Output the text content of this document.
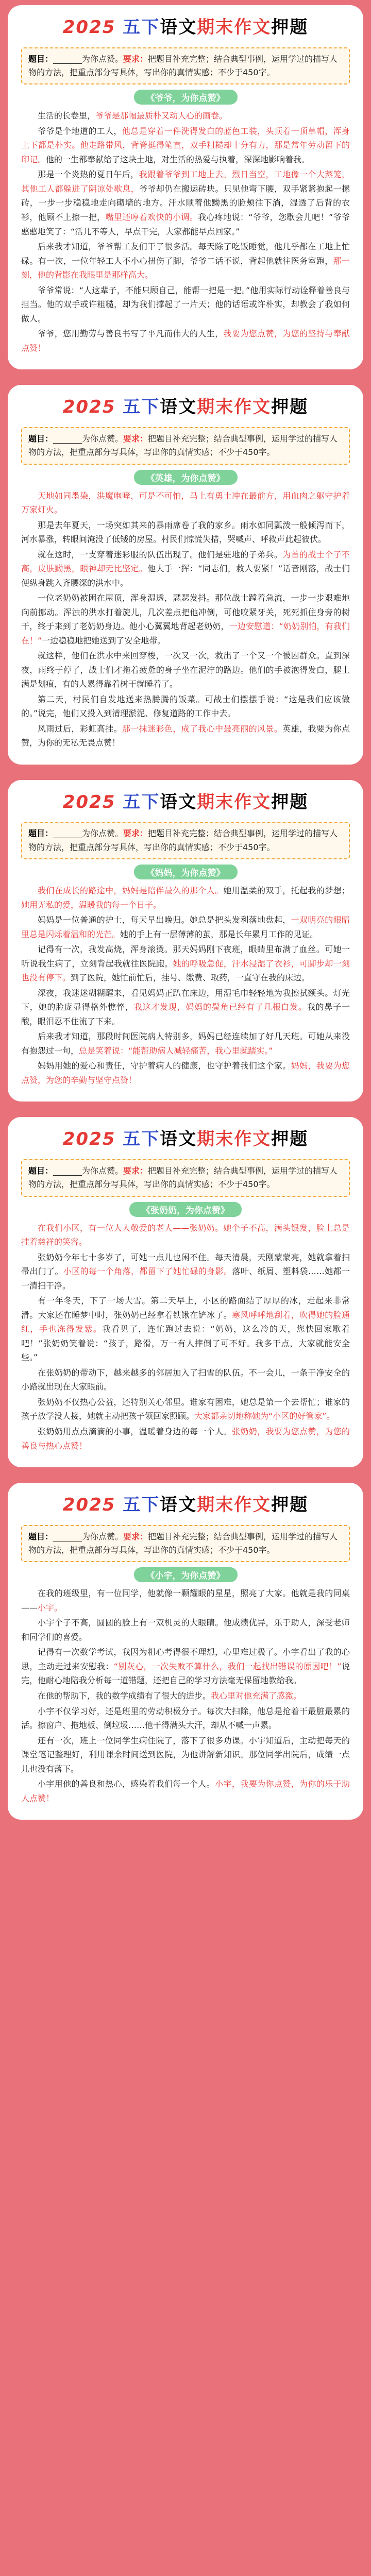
2025 五下语文期末作文押题
题目：_______为你点赞。要求：把题目补充完整；结合典型事例，运用学过的描写人物的方法，把重点部分写具体，写出你的真情实感；不少于450字。
《爷爷，为你点赞》

生活的长卷里，爷爷是那幅最质朴又动人心的画卷。

爷爷是个地道的工人，他总是穿着一件洗得发白的蓝色工装，头顶着一顶草帽，浑身上下都是朴实。他走路带风，背脊挺得笔直，双手粗糙却十分有力，那是常年劳动留下的印记。他的一生都奉献给了这块土地，对生活的热爱与执着，深深地影响着我。

那是一个炎热的夏日午后，我跟着爷爷到工地上去。烈日当空，工地像一个大蒸笼，其他工人都躲进了阴凉处歇息，爷爷却仍在搬运砖块。只见他弯下腰，双手紧紧抱起一摞砖，一步一步稳稳地走向砌墙的地方。汗水顺着他黝黑的脸颊往下淌，湿透了后背的衣衫，他顾不上擦一把，嘴里还哼着欢快的小调。我心疼地说：“爷爷，您歇会儿吧！”爷爷憨憨地笑了：“活儿不等人，早点干完，大家都能早点回家。”

后来我才知道，爷爷帮工友们干了很多活。每天除了吃饭睡觉，他几乎都在工地上忙碌。有一次，一位年轻工人不小心扭伤了脚，爷爷二话不说，背起他就往医务室跑，那一刻，他的背影在我眼里是那样高大。

爷爷常说：“人这辈子，不能只顾自己，能帮一把是一把。”他用实际行动诠释着善良与担当。他的双手或许粗糙，却为我们撑起了一片天；他的话语或许朴实，却教会了我如何做人。

爷爷，您用勤劳与善良书写了平凡而伟大的人生，我要为您点赞，为您的坚持与奉献点赞！

2025 五下语文期末作文押题
题目：_______为你点赞。要求：把题目补充完整；结合典型事例，运用学过的描写人物的方法，把重点部分写具体，写出你的真情实感；不少于450字。
《英雄，为你点赞》

天地如同墨染，洪魔咆哮，可是不可怕，马上有勇士冲在最前方，用血肉之躯守护着万家灯火。

那是去年夏天，一场突如其来的暴雨席卷了我的家乡。雨水如同瓢泼一般倾泻而下，河水暴涨，转眼间淹没了低矮的房屋。村民们惊慌失措，哭喊声、呼救声此起彼伏。

就在这时，一支穿着迷彩服的队伍出现了。他们是驻地的子弟兵。为首的战士个子不高，皮肤黝黑，眼神却无比坚定。他大手一挥：“同志们，救人要紧！”话音刚落，战士们便纵身跳入齐腰深的洪水中。

一位老奶奶被困在屋顶，浑身湿透，瑟瑟发抖。那位战士蹚着急流，一步一步艰难地向前挪动。浑浊的洪水打着旋儿，几次差点把他冲倒，可他咬紧牙关，死死抓住身旁的树干，终于来到了老奶奶身边。他小心翼翼地背起老奶奶，一边安慰道：“奶奶别怕，有我们在！”一边稳稳地把她送到了安全地带。

就这样，他们在洪水中来回穿梭，一次又一次，救出了一个又一个被困群众。直到深夜，雨终于停了，战士们才拖着疲惫的身子坐在泥泞的路边。他们的手被泡得发白，腿上满是划痕，有的人累得靠着树干就睡着了。

第二天，村民们自发地送来热腾腾的饭菜。可战士们摆摆手说：“这是我们应该做的。”说完，他们又投入到清理淤泥、修复道路的工作中去。

风雨过后，彩虹高挂。那一抹迷彩色，成了我心中最亮丽的风景。英雄，我要为你点赞，为你的无私无畏点赞！

2025 五下语文期末作文押题
题目：_______为你点赞。要求：把题目补充完整；结合典型事例，运用学过的描写人物的方法，把重点部分写具体，写出你的真情实感；不少于450字。
《妈妈，为你点赞》

我们在成长的路途中，妈妈是陪伴最久的那个人。她用温柔的双手，托起我的梦想；她用无私的爱，温暖我的每一个日子。

妈妈是一位普通的护士，每天早出晚归。她总是把头发利落地盘起，一双明亮的眼睛里总是闪烁着温和的光芒。她的手上有一层薄薄的茧，那是长年累月工作的见证。

记得有一次，我发高烧，浑身滚烫。那天妈妈刚下夜班，眼睛里布满了血丝。可她一听说我生病了，立刻背起我就往医院跑。她的呼吸急促，汗水浸湿了衣衫，可脚步却一刻也没有停下。到了医院，她忙前忙后，挂号、缴费、取药，一直守在我的床边。

深夜，我迷迷糊糊醒来，看见妈妈正趴在床边，用湿毛巾轻轻地为我擦拭额头。灯光下，她的脸庞显得格外憔悴，我这才发现，妈妈的鬓角已经有了几根白发。我的鼻子一酸，眼泪忍不住流了下来。

后来我才知道，那段时间医院病人特别多，妈妈已经连续加了好几天班。可她从来没有抱怨过一句，总是笑着说：“能帮助病人减轻痛苦，我心里就踏实。”

妈妈用她的爱心和责任，守护着病人的健康，也守护着我们这个家。妈妈，我要为您点赞，为您的辛勤与坚守点赞！

2025 五下语文期末作文押题
题目：_______为你点赞。要求：把题目补充完整；结合典型事例，运用学过的描写人物的方法，把重点部分写具体，写出你的真情实感；不少于450字。
《张奶奶，为你点赞》

在我们小区，有一位人人敬爱的老人——张奶奶。她个子不高，满头银发，脸上总是挂着慈祥的笑容。

张奶奶今年七十多岁了，可她一点儿也闲不住。每天清晨，天刚蒙蒙亮，她就拿着扫帚出门了。小区的每一个角落，都留下了她忙碌的身影。落叶、纸屑、塑料袋……她都一一清扫干净。

有一年冬天，下了一场大雪。第二天早上，小区的路面结了厚厚的冰，走起来非常滑。大家还在睡梦中时，张奶奶已经拿着铁锹在铲冰了。寒风呼呼地刮着，吹得她的脸通红，手也冻得发紫。我看见了，连忙跑过去说：“奶奶，这么冷的天，您快回家歇着吧！”张奶奶笑着说：“孩子，路滑，万一有人摔倒了可不好。我多干点，大家就能安全些。”

在张奶奶的带动下，越来越多的邻居加入了扫雪的队伍。不一会儿，一条干净安全的小路就出现在大家眼前。

张奶奶不仅热心公益，还特别关心邻里。谁家有困难，她总是第一个去帮忙；谁家的孩子放学没人接，她就主动把孩子领回家照顾。大家都亲切地称她为“小区的好管家”。

张奶奶用点点滴滴的小事，温暖着身边的每一个人。张奶奶，我要为您点赞，为您的善良与热心点赞！

2025 五下语文期末作文押题
题目：_______为你点赞。要求：把题目补充完整；结合典型事例，运用学过的描写人物的方法，把重点部分写具体，写出你的真情实感；不少于450字。
《小宇，为你点赞》

在我的班级里，有一位同学，他就像一颗耀眼的星星，照亮了大家。他就是我的同桌——小宇。

小宇个子不高，圆圆的脸上有一双机灵的大眼睛。他成绩优异，乐于助人，深受老师和同学们的喜爱。

记得有一次数学考试，我因为粗心考得很不理想，心里难过极了。小宇看出了我的心思，主动走过来安慰我：“别灰心，一次失败不算什么，我们一起找出错误的原因吧！”说完，他耐心地陪我分析每一道错题，还把自己的学习方法毫无保留地教给我。

在他的帮助下，我的数学成绩有了很大的进步。我心里对他充满了感激。

小宇不仅学习好，还是班里的劳动积极分子。每次大扫除，他总是抢着干最脏最累的活。擦窗户、拖地板、倒垃圾……他干得满头大汗，却从不喊一声累。

还有一次，班上一位同学生病住院了，落下了很多功课。小宇知道后，主动把每天的课堂笔记整理好，利用课余时间送到医院，为他讲解新知识。那位同学出院后，成绩一点儿也没有落下。

小宇用他的善良和热心，感染着我们每一个人。小宇，我要为你点赞，为你的乐于助人点赞！
